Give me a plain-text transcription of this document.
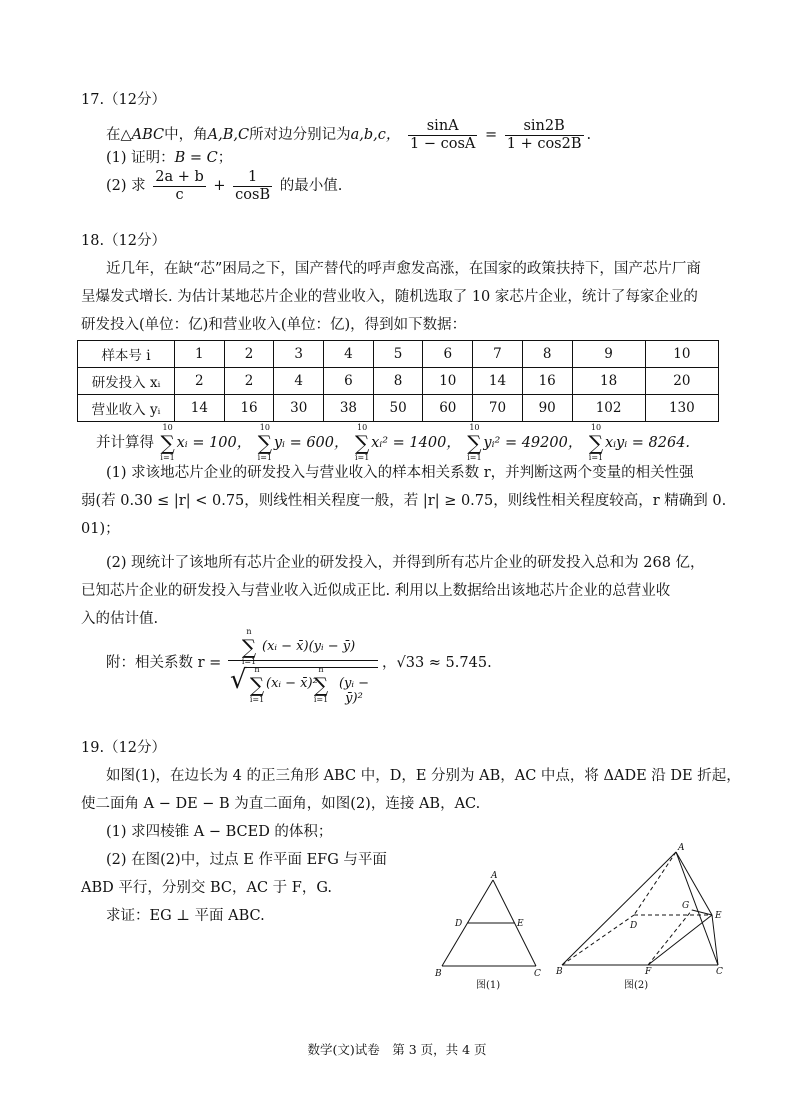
17.（12分）
在△ABC中，角A,B,C所对边分别记为a,b,c， $\frac{\sin A}{1 - \cos A} = \frac{\sin 2B}{1 + \cos 2B}$ .
(1) 证明：B = C；
(2) 求 $\frac{2a + b}{c} + \frac{1}{\cos B}$ 的最小值.
18.（12分）
近几年，在缺“芯”困局之下，国产替代的呼声愈发高涨，在国家的政策扶持下，国产芯片厂商
呈爆发式增长. 为估计某地芯片企业的营业收入，随机选取了 10 家芯片企业，统计了每家企业的
研发投入(单位：亿)和营业收入(单位：亿)，得到如下数据：
样本号 i	1	2	3	4	5	6	7	8	9	10
研发投入 xᵢ	2	2	4	6	8	10	14	16	18	20
营业收入 yᵢ	14	16	30	38	50	60	70	90	102	130
并计算得 ∑
10
i=1
xᵢ = 100， ∑
10
i=1
yᵢ = 600， ∑
10
i=1
xᵢ² = 1400， ∑
10
i=1
yᵢ² = 49200， ∑
10
i=1
xᵢyᵢ = 8264.
(1) 求该地芯片企业的研发投入与营业收入的样本相关系数 r，并判断这两个变量的相关性强
弱(若 0.30 ≤ |r| < 0.75，则线性相关程度一般，若 |r| ≥ 0.75，则线性相关程度较高，r 精确到 0.
01)；
(2) 现统计了该地所有芯片企业的研发投入，并得到所有芯片企业的研发投入总和为 268 亿，
已知芯片企业的研发投入与营业收入近似成正比. 利用以上数据给出该地芯片企业的总营业收
入的估计值.
附：相关系数 r =
∑
n
i=1
(xᵢ − x̄)(yᵢ − ȳ)
√ ∑
n
i=1
(xᵢ − x̄)²
∑
n
i=1
(yᵢ − ȳ)²
，√33 ≈ 5.745.
19.（12分）
如图(1)，在边长为 4 的正三角形 ABC 中，D，E 分别为 AB，AC 中点，将 ΔADE 沿 DE 折起，
使二面角 A − DE − B 为直二面角，如图(2)，连接 AB，AC.
(1) 求四棱锥 A − BCED 的体积；
(2) 在图(2)中，过点 E 作平面 EFG 与平面
ABD 平行，分别交 BC，AC 于 F，G.
求证：EG ⊥ 平面 ABC.
A
D	E
B	C
图(1)
A
G
E
D
B	F	C
图(2)
数学(文)试卷　第 3 页，共 4 页
